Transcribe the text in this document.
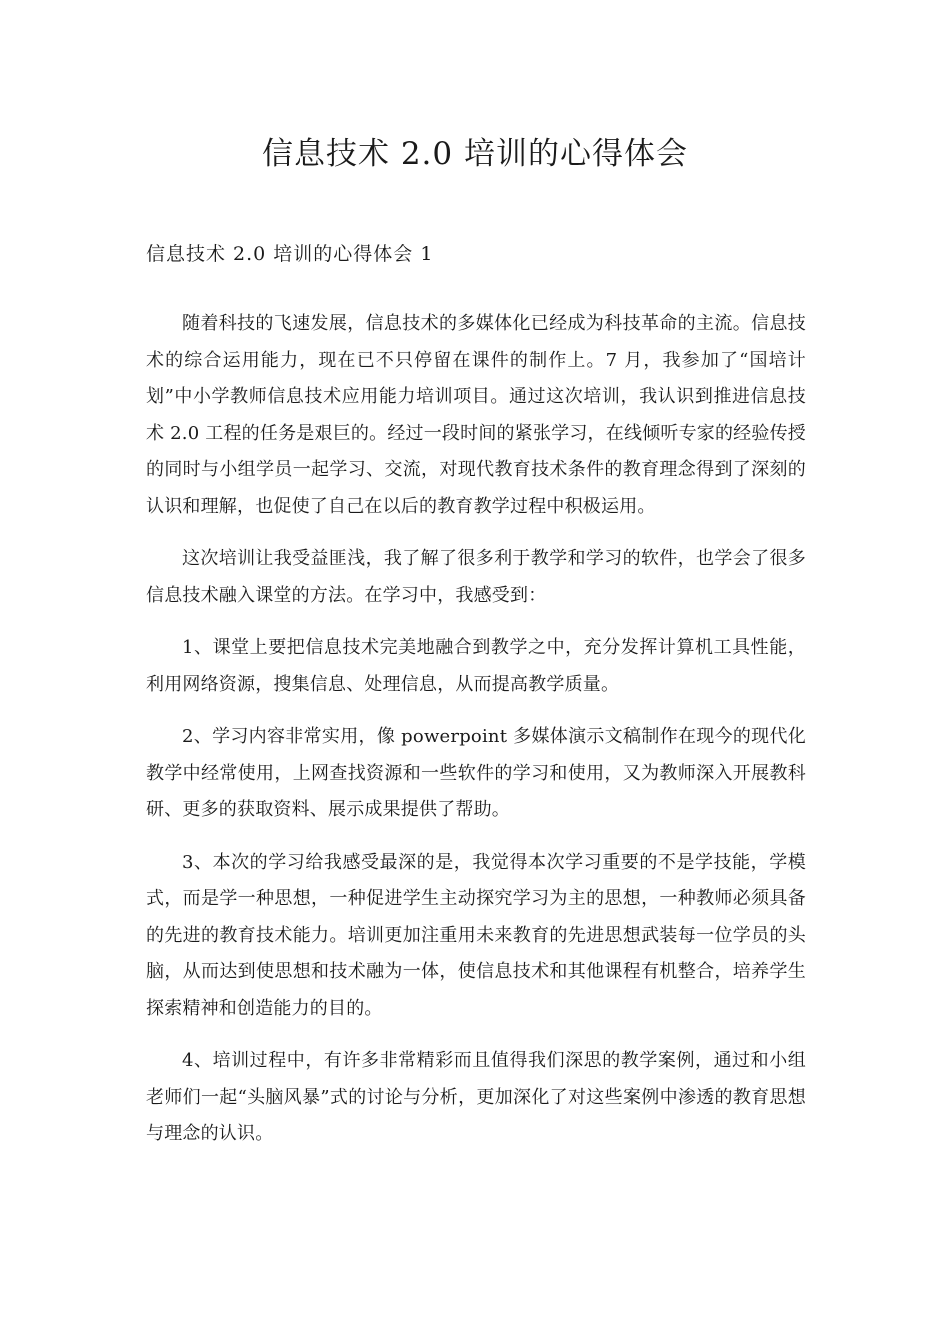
信息技术 2.0 培训的心得体会
信息技术 2.0 培训的心得体会 1

随着科技的飞速发展，信息技术的多媒体化已经成为科技革命的主流。信息技术的综合运用能力，现在已不只停留在课件的制作上。7 月，我参加了“国培计划”中小学教师信息技术应用能力培训项目。通过这次培训，我认识到推进信息技术 2.0 工程的任务是艰巨的。经过一段时间的紧张学习，在线倾听专家的经验传授的同时与小组学员一起学习、交流，对现代教育技术条件的教育理念得到了深刻的认识和理解，也促使了自己在以后的教育教学过程中积极运用。

这次培训让我受益匪浅，我了解了很多利于教学和学习的软件，也学会了很多信息技术融入课堂的方法。在学习中，我感受到：

1、课堂上要把信息技术完美地融合到教学之中，充分发挥计算机工具性能，利用网络资源，搜集信息、处理信息，从而提高教学质量。

2、学习内容非常实用，像 powerpoint 多媒体演示文稿制作在现今的现代化教学中经常使用，上网查找资源和一些软件的学习和使用，又为教师深入开展教科研、更多的获取资料、展示成果提供了帮助。

3、本次的学习给我感受最深的是，我觉得本次学习重要的不是学技能，学模式，而是学一种思想，一种促进学生主动探究学习为主的思想，一种教师必须具备的先进的教育技术能力。培训更加注重用未来教育的先进思想武装每一位学员的头脑，从而达到使思想和技术融为一体，使信息技术和其他课程有机整合，培养学生探索精神和创造能力的目的。

4、培训过程中，有许多非常精彩而且值得我们深思的教学案例，通过和小组老师们一起“头脑风暴”式的讨论与分析，更加深化了对这些案例中渗透的教育思想与理念的认识。
